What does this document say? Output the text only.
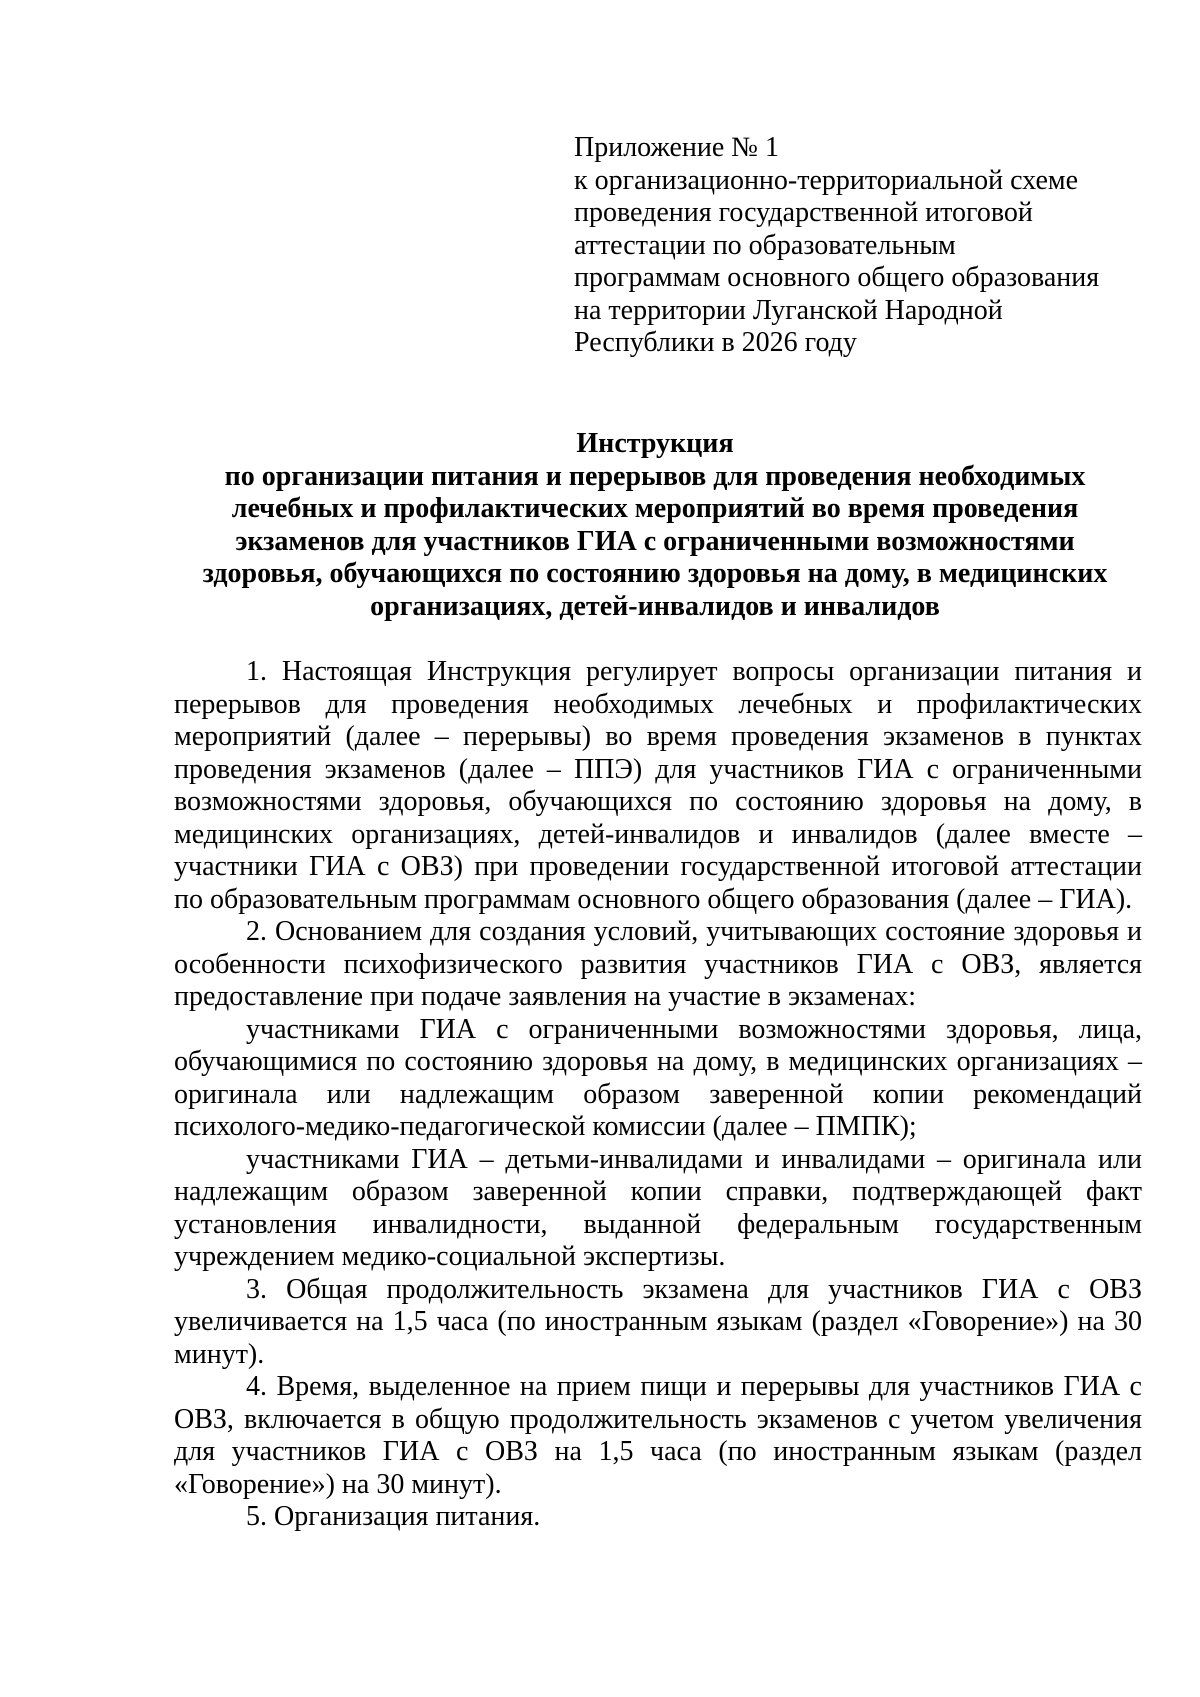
Приложение № 1
к организационно-территориальной схеме
проведения государственной итоговой
аттестации по образовательным
программам основного общего образования
на территории Луганской Народной
Республики в 2026 году
Инструкция
по организации питания и перерывов для проведения необходимых
лечебных и профилактических мероприятий во время проведения
экзаменов для участников ГИА с ограниченными возможностями
здоровья, обучающихся по состоянию здоровья на дому, в медицинских
организациях, детей-инвалидов и инвалидов

1. Настоящая Инструкция регулирует вопросы организации питания и перерывов для проведения необходимых лечебных и профилактических мероприятий (далее – перерывы) во время проведения экзаменов в пунктах проведения экзаменов (далее – ППЭ) для участников ГИА с ограниченными возможностями здоровья, обучающихся по состоянию здоровья на дому, в медицинских организациях, детей-инвалидов и инвалидов (далее вместе – участники ГИА с ОВЗ) при проведении государственной итоговой аттестации по образовательным программам основного общего образования (далее – ГИА).

2. Основанием для создания условий, учитывающих состояние здоровья и особенности психофизического развития участников ГИА с ОВЗ, является предоставление при подаче заявления на участие в экзаменах:

участниками ГИА с ограниченными возможностями здоровья, лица, обучающимися по состоянию здоровья на дому, в медицинских организациях – оригинала или надлежащим образом заверенной копии рекомендаций психолого-медико-педагогической комиссии (далее – ПМПК);

участниками ГИА – детьми-инвалидами и инвалидами – оригинала или надлежащим образом заверенной копии справки, подтверждающей факт установления инвалидности, выданной федеральным государственным учреждением медико-социальной экспертизы.

3. Общая продолжительность экзамена для участников ГИА с ОВЗ увеличивается на 1,5 часа (по иностранным языкам (раздел «Говорение») на 30 минут).

4. Время, выделенное на прием пищи и перерывы для участников ГИА с ОВЗ, включается в общую продолжительность экзаменов с учетом увеличения для участников ГИА с ОВЗ на 1,5 часа (по иностранным языкам (раздел «Говорение») на 30 минут).

5. Организация питания.
